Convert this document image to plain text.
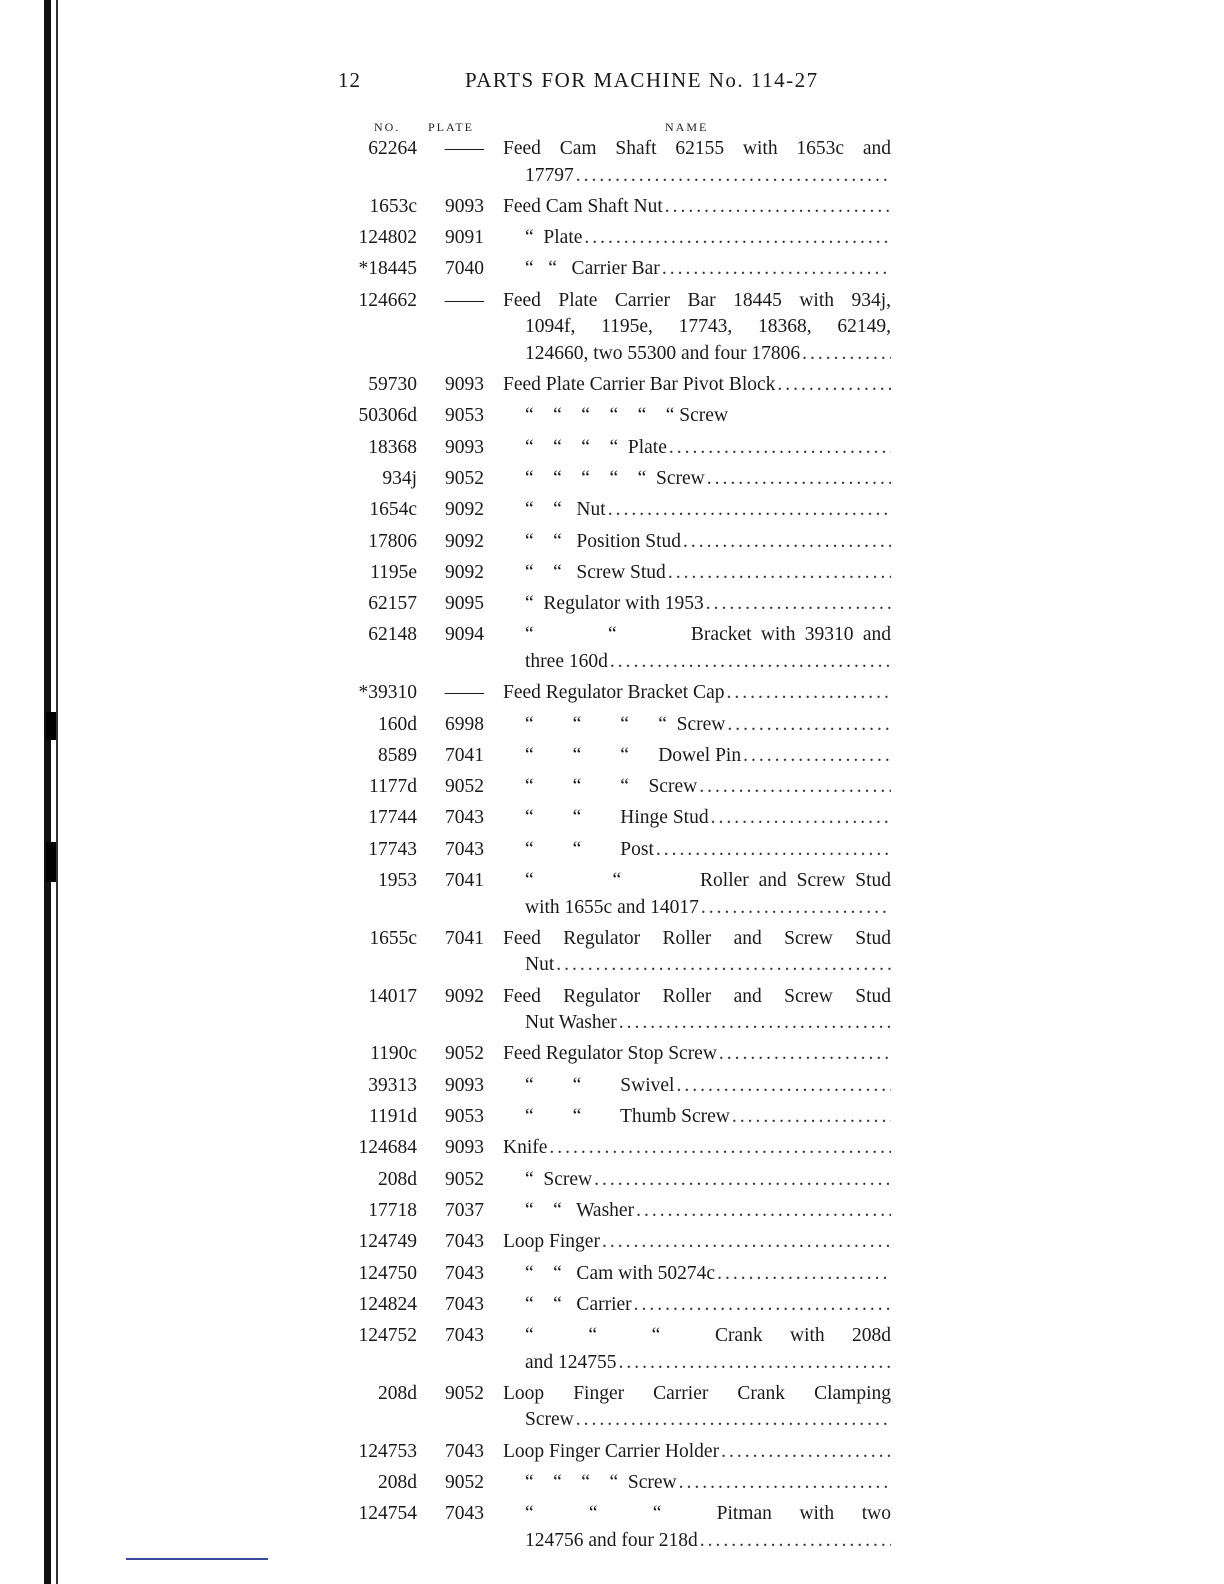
12	PARTS FOR MACHINE No. 114-27
NO. PLATE	NAME
62264	—— Feed Cam Shaft 62155 with 1653c and
17797
.....
1653c	9093 Feed Cam Shaft Nut
.....
124802	9091 “  Plate
.....
*18445	7040 “   “   Carrier Bar
.....
124662	—— Feed Plate Carrier Bar 18445 with 934j,
1094f, 1195e, 17743, 18368, 62149,
124660, two 55300 and four 17806
.....
59730	9093 Feed Plate Carrier Bar Pivot Block
.....
50306d	9053 “    “    “    “    “    “ Screw
18368	9093 “    “    “    “  Plate
.....
934j	9052 “    “    “    “    “  Screw
.....
1654c	9092 “    “   Nut
.....
17806	9092 “    “   Position Stud
.....
1195e	9092 “    “   Screw Stud
.....
62157	9095 “  Regulator with 1953
.....
62148	9094	“        “        Bracket with 39310 and
three 160d
.....
*39310	—— Feed Regulator Bracket Cap
.....
160d	6998 “        “        “      “  Screw
.....
8589	7041 “        “        “      Dowel Pin
.....
1177d	9052 “        “        “    Screw
.....
17744	7043 “        “        Hinge Stud
.....
17743	7043 “        “        Post
.....
1953	7041	“        “        Roller and Screw Stud
with 1655c and 14017
.....
1655c	7041 Feed Regulator Roller and Screw Stud
Nut
.....
14017	9092 Feed Regulator Roller and Screw Stud
Nut Washer
.....
1190c	9052 Feed Regulator Stop Screw
.....
39313	9093 “        “        Swivel
.....
1191d	9053 “        “        Thumb Screw
.....
124684	9093 Knife
.....
208d	9052 “  Screw
.....
17718	7037 “    “   Washer
.....
124749	7043 Loop Finger
.....
124750	7043 “    “   Cam with 50274c
.....
124824	7043 “    “   Carrier
.....
124752	7043	“    “    “    Crank  with  208d
and 124755
.....
208d	9052 Loop Finger Carrier Crank Clamping
Screw
.....
124753	7043 Loop Finger Carrier Holder
.....
208d	9052 “    “    “    “  Screw
.....
124754	7043	“    “    “    Pitman  with  two
124756 and four 218d
.....
